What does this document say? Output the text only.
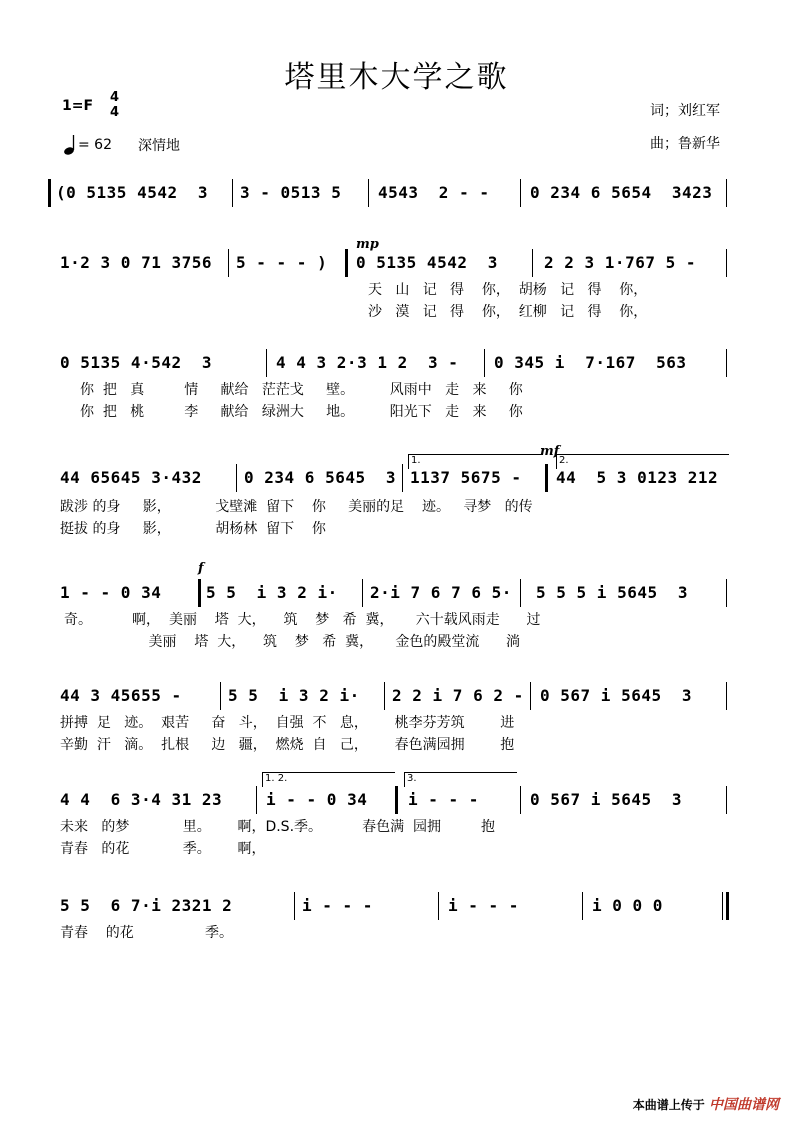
塔里木大学之歌
1=F
4
4
= 62 深情地
词；刘红军
曲；鲁新华
(0 5135 4542  3 3 - 0513 5 4543  2 - -	0 234 6 5654  3423
1·2 3 0 71 3756 5 - - - )
mp
0 5135 4542  3	2 2 3 1·767 5 -
天   山   记   得    你，  胡杨   记   得    你，
沙   漠   记   得    你，  红柳   记   得    你，
0 5135 4·542  3	4 4 3 2·3 1 2  3 - 0 345 i  7·167  563
你  把   真         情     献给   茫茫戈     壁。        风雨中   走   来     你
你  把   桃         李     献给   绿洲大     地。        阳光下   走   来     你
44 65645 3·432	0 234 6 5645  3
1.
1137 5675 -
mf
2.
44  5 3 0123 212
跋涉 的身     影，          戈壁滩  留下    你     美丽的足    迹。   寻梦   的传
挺拔 的身     影，          胡杨林  留下    你
1 - - 0 34
f
5 5  i 3 2 i· 2·i 7 6 7 6 5· 5 5 5 i 5645  3
奇。         啊，  美丽    塔  大，    筑    梦   希  冀，     六十载风雨走      过
美丽    塔  大，    筑    梦   希  冀，     金色的殿堂流      淌
44 3 45655 -	5 5  i 3 2 i· 2 2 i 7 6 2 - 0 567 i 5645  3
拼搏  足   迹。  艰苦     奋   斗，  自强  不   息，      桃李芬芳筑        进
辛勤  汗   滴。  扎根     边   疆，  燃烧  自   己，      春色满园拥        抱
4 4  6 3·4 31 23
1. 2.
i - - 0 34
3.
i - - -	0 567 i 5645  3
未来   的梦            里。      啊，D.S.季。         春色满  园拥         抱
青春   的花            季。      啊，
5 5  6 7·i 2321 2	i - - -	i - - -	i 0 0 0
青春    的花                季。
本曲谱上传于 中国曲谱网
